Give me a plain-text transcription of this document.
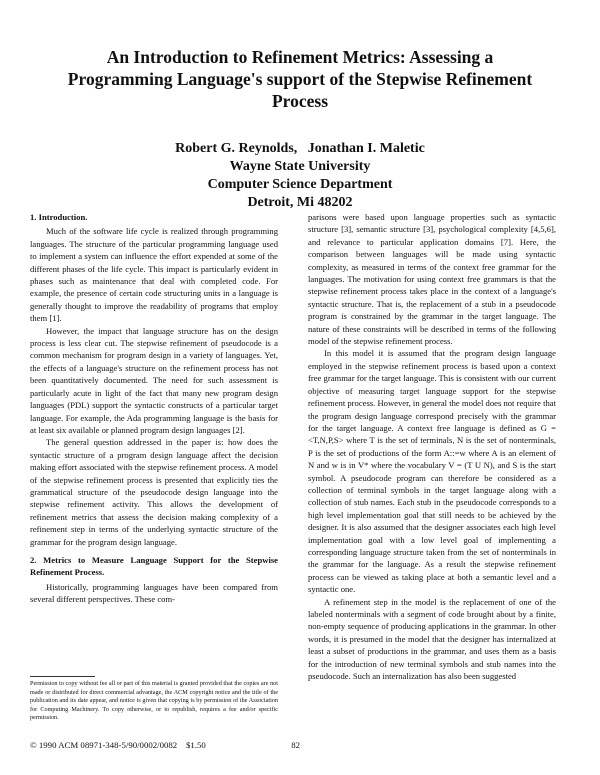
An Introduction to Refinement Metrics: Assessing a
Programming Language's support of the Stepwise Refinement
Process
Robert G. Reynolds,   Jonathan I. Maletic
Wayne State University
Computer Science Department
Detroit, Mi 48202
1. Introduction.

Much of the software life cycle is realized through programming languages. The structure of the particular programming language used to implement a system can influence the effort expended at some of the different phases of the life cycle. This impact is particularly evident in phases such as maintenance that deal with completed code. For example, the presence of certain code structuring units in a language is generally thought to improve the readability of programs that employ them [1].

However, the impact that language structure has on the design process is less clear cut. The stepwise refinement of pseudocode is a common mechanism for program design in a variety of languages. Yet, the effects of a language's structure on the refinement process has not been quantitatively documented. The need for such assessment is particularly acute in light of the fact that many new program design languages (PDL) support the syntactic constructs of a particular target language. For example, the Ada programming language is the basis for at least six available or planned program design languages [2].

The general question addressed in the paper is: how does the syntactic structure of a program design language affect the decision making effort associated with the stepwise refinement process. A model of the stepwise refinement process is presented that explicitly ties the grammatical structure of the pseudocode design language into the stepwise refinement activity. This allows the development of refinement metrics that assess the decision making complexity of a refinement step in terms of the underlying syntactic structure of the grammar for the program design language.

2. Metrics to Measure Language Support for the Stepwise Refinement Process.

Historically, programming languages have been compared from several different perspectives. These com-

Permission to copy without fee all or part of this material is granted provided that the copies are not made or distributed for direct commercial advantage, the ACM copyright notice and the title of the publication and its date appear, and notice is given that copying is by permission of the Association for Computing Machinery. To copy otherwise, or to republish, requires a fee and/or specific permission.

parisons were based upon language properties such as syntactic structure [3], semantic structure [3], psychological complexity [4,5,6], and relevance to particular application domains [7]. Here, the comparison between languages will be made using syntactic complexity, as measured in terms of the context free grammar for the languages. The motivation for using context free grammars is that the stepwise refinement process takes place in the context of a language's syntactic structure. That is, the replacement of a stub in a pseudocode program is constrained by the grammar in the target language. The nature of these constraints will be described in terms of the following model of the stepwise refinement process.

In this model it is assumed that the program design language employed in the stepwise refinement process is based upon a context free grammar for the target language. This is consistent with our current objective of measuring target language support for the stepwise refinement process. However, in general the model does not require that the program design language correspond precisely with the grammar for the target language. A context free language is defined as G =<T,N,P,S> where T is the set of terminals, N is the set of nonterminals, P is the set of productions of the form A::=w where A is an element of N and w is in V* where the vocabulary V = (T U N), and S is the start symbol. A pseudocode program can therefore be considered as a collection of terminal symbols in the target language along with a collection of stub names. Each stub in the pseudocode corresponds to a high level implementation goal that still needs to be achieved by the designer. It is also assumed that the designer associates each high level implementation goal with a low level goal of implementing a corresponding language structure taken from the set of nonterminals in the grammar for the language. As a result the stepwise refinement process can be viewed as taking place at both a semantic level and a syntactic one.

A refinement step in the model is the replacement of one of the labeled nonterminals with a segment of code brought about by a finite, non-empty sequence of producing applications in the grammar. In other words, it is presumed in the model that the designer has internalized at least a subset of productions in the grammar, and uses them as a basis for the introduction of new terminal symbols and stub names into the pseudocode. Such an internalization has also been suggested

© 1990 ACM 08971-348-5/90/0002/0082    $1.50	82
